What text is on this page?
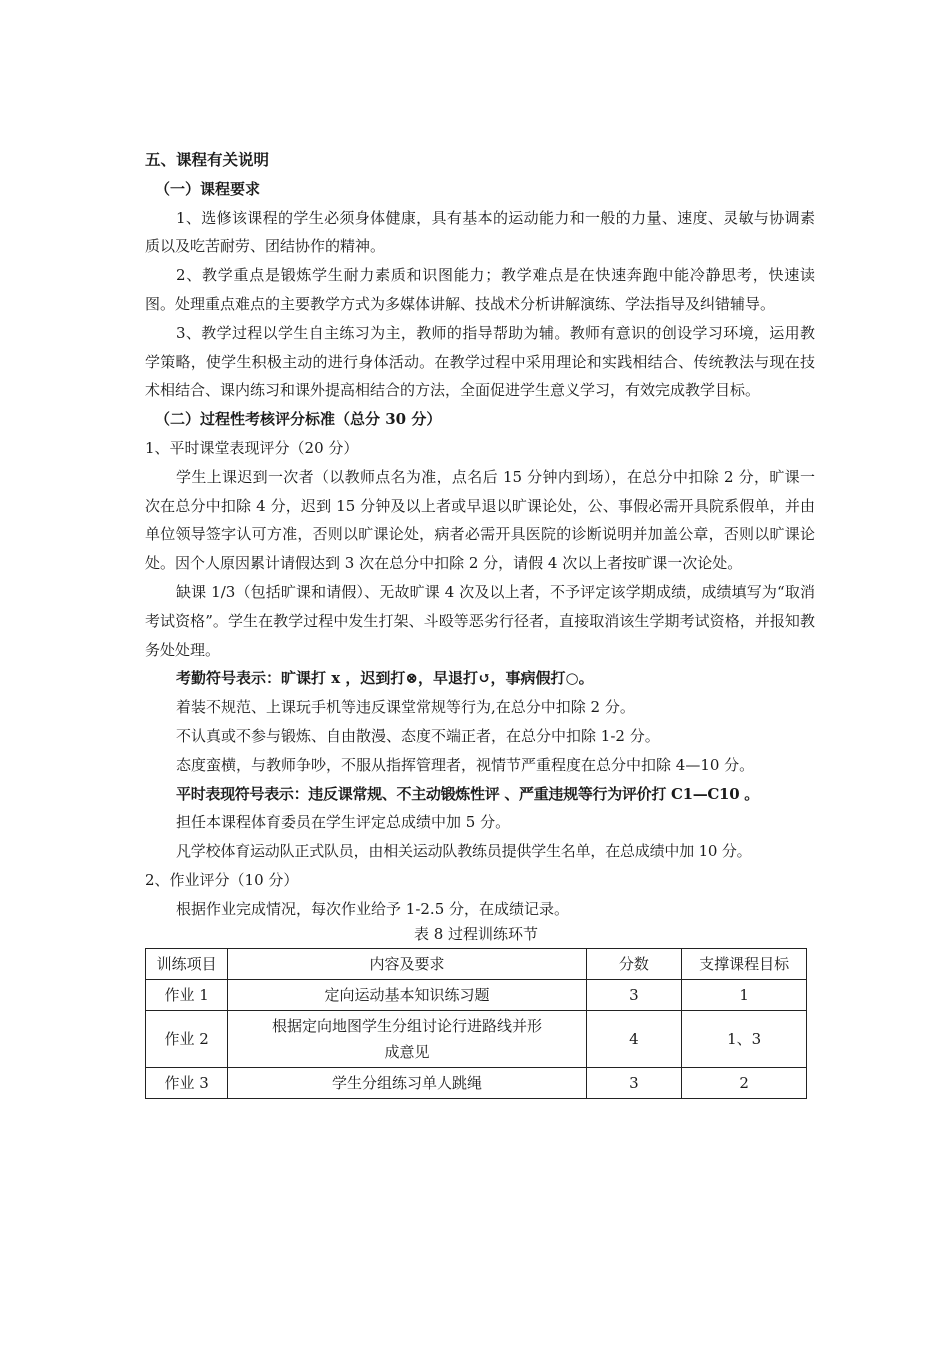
五、课程有关说明
（一）课程要求
1、选修该课程的学生必须身体健康，具有基本的运动能力和一般的力量、速度、灵敏与协调素质以及吃苦耐劳、团结协作的精神。
2、教学重点是锻炼学生耐力素质和识图能力；教学难点是在快速奔跑中能冷静思考，快速读图。处理重点难点的主要教学方式为多媒体讲解、技战术分析讲解演练、学法指导及纠错辅导。
3、教学过程以学生自主练习为主，教师的指导帮助为辅。教师有意识的创设学习环境，运用教学策略，使学生积极主动的进行身体活动。在教学过程中采用理论和实践相结合、传统教法与现在技术相结合、课内练习和课外提高相结合的方法，全面促进学生意义学习，有效完成教学目标。
（二）过程性考核评分标准（总分 30 分）
1、平时课堂表现评分（20 分）
学生上课迟到一次者（以教师点名为准，点名后 15 分钟内到场），在总分中扣除 2 分，旷课一次在总分中扣除 4 分，迟到 15 分钟及以上者或早退以旷课论处，公、事假必需开具院系假单，并由单位领导签字认可方准，否则以旷课论处，病者必需开具医院的诊断说明并加盖公章，否则以旷课论处。因个人原因累计请假达到 3 次在总分中扣除 2 分，请假 4 次以上者按旷课一次论处。
缺课 1/3（包括旷课和请假）、无故旷课 4 次及以上者，不予评定该学期成绩，成绩填写为“取消考试资格”。学生在教学过程中发生打架、斗殴等恶劣行径者，直接取消该生学期考试资格，并报知教务处处理。
考勤符号表示：旷课打 x ，迟到打⊗，早退打↺，事病假打○。
着装不规范、上课玩手机等违反课堂常规等行为,在总分中扣除 2 分。
不认真或不参与锻炼、自由散漫、态度不端正者，在总分中扣除 1-2 分。
态度蛮横，与教师争吵，不服从指挥管理者，视情节严重程度在总分中扣除 4—10 分。
平时表现符号表示：违反课常规、不主动锻炼性评 、严重违规等行为评价打 C1—C10 。
担任本课程体育委员在学生评定总成绩中加 5 分。
凡学校体育运动队正式队员，由相关运动队教练员提供学生名单，在总成绩中加 10 分。
2、作业评分（10 分）
根据作业完成情况，每次作业给予 1-2.5 分，在成绩记录。
表 8 过程训练环节
训练项目	内容及要求	分数	支撑课程目标
作业 1	定向运动基本知识练习题	3	1
作业 2	根据定向地图学生分组讨论行进路线并形成意见	4	1、3
作业 3	学生分组练习单人跳绳	3	2
